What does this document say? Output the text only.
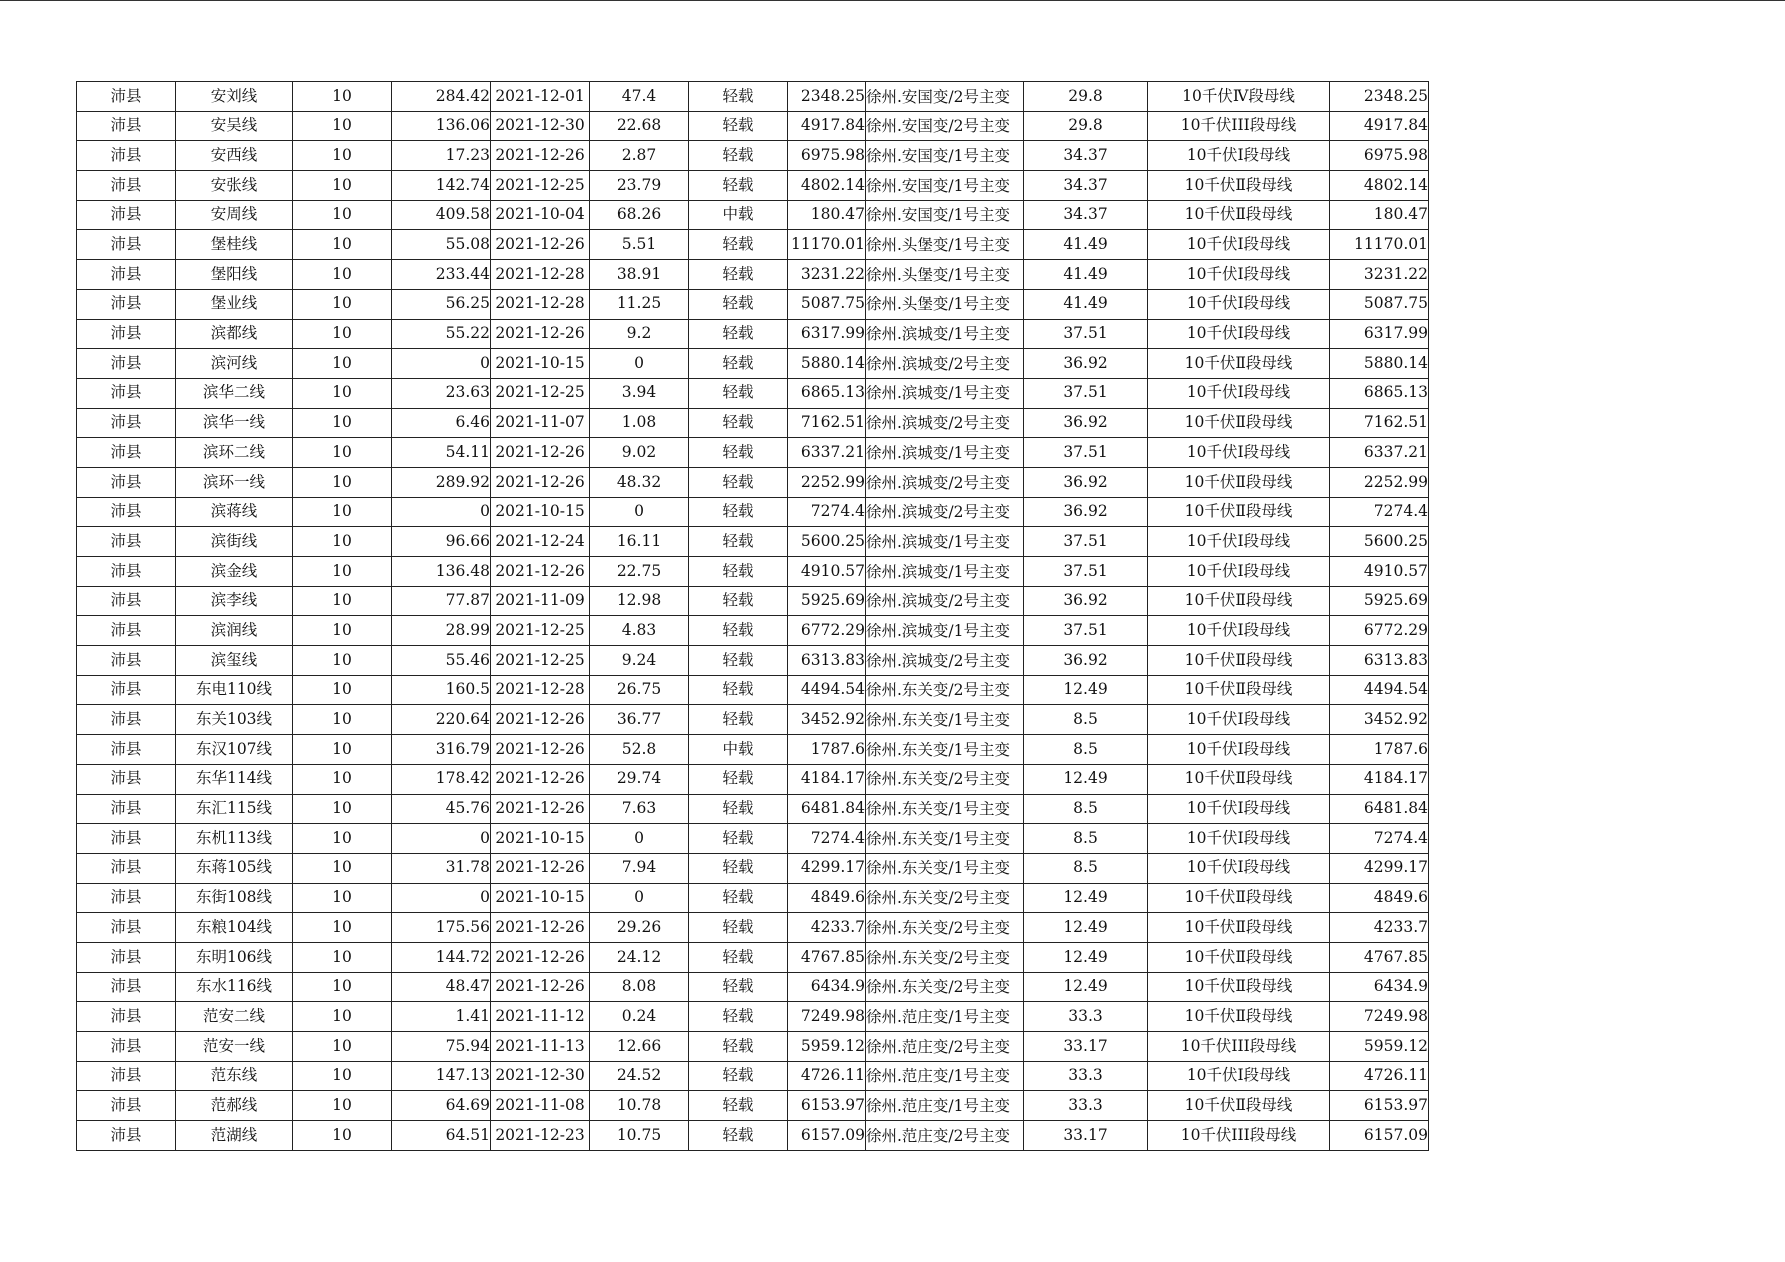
沛县	安刘线	10	284.42	2021-12-01	47.4	轻载	2348.25	徐州.安国变/2号主变	29.8	10千伏Ⅳ段母线	2348.25
沛县	安吴线	10	136.06	2021-12-30	22.68	轻载	4917.84	徐州.安国变/2号主变	29.8	10千伏III段母线	4917.84
沛县	安西线	10	17.23	2021-12-26	2.87	轻载	6975.98	徐州.安国变/1号主变	34.37	10千伏Ⅰ段母线	6975.98
沛县	安张线	10	142.74	2021-12-25	23.79	轻载	4802.14	徐州.安国变/1号主变	34.37	10千伏Ⅱ段母线	4802.14
沛县	安周线	10	409.58	2021-10-04	68.26	中载	180.47	徐州.安国变/1号主变	34.37	10千伏Ⅱ段母线	180.47
沛县	堡桂线	10	55.08	2021-12-26	5.51	轻载	11170.01	徐州.头堡变/1号主变	41.49	10千伏Ⅰ段母线	11170.01
沛县	堡阳线	10	233.44	2021-12-28	38.91	轻载	3231.22	徐州.头堡变/1号主变	41.49	10千伏Ⅰ段母线	3231.22
沛县	堡业线	10	56.25	2021-12-28	11.25	轻载	5087.75	徐州.头堡变/1号主变	41.49	10千伏Ⅰ段母线	5087.75
沛县	滨都线	10	55.22	2021-12-26	9.2	轻载	6317.99	徐州.滨城变/1号主变	37.51	10千伏Ⅰ段母线	6317.99
沛县	滨河线	10	0	2021-10-15	0	轻载	5880.14	徐州.滨城变/2号主变	36.92	10千伏Ⅱ段母线	5880.14
沛县	滨华二线	10	23.63	2021-12-25	3.94	轻载	6865.13	徐州.滨城变/1号主变	37.51	10千伏Ⅰ段母线	6865.13
沛县	滨华一线	10	6.46	2021-11-07	1.08	轻载	7162.51	徐州.滨城变/2号主变	36.92	10千伏Ⅱ段母线	7162.51
沛县	滨环二线	10	54.11	2021-12-26	9.02	轻载	6337.21	徐州.滨城变/1号主变	37.51	10千伏Ⅰ段母线	6337.21
沛县	滨环一线	10	289.92	2021-12-26	48.32	轻载	2252.99	徐州.滨城变/2号主变	36.92	10千伏Ⅱ段母线	2252.99
沛县	滨蒋线	10	0	2021-10-15	0	轻载	7274.4	徐州.滨城变/2号主变	36.92	10千伏Ⅱ段母线	7274.4
沛县	滨街线	10	96.66	2021-12-24	16.11	轻载	5600.25	徐州.滨城变/1号主变	37.51	10千伏Ⅰ段母线	5600.25
沛县	滨金线	10	136.48	2021-12-26	22.75	轻载	4910.57	徐州.滨城变/1号主变	37.51	10千伏Ⅰ段母线	4910.57
沛县	滨李线	10	77.87	2021-11-09	12.98	轻载	5925.69	徐州.滨城变/2号主变	36.92	10千伏Ⅱ段母线	5925.69
沛县	滨润线	10	28.99	2021-12-25	4.83	轻载	6772.29	徐州.滨城变/1号主变	37.51	10千伏Ⅰ段母线	6772.29
沛县	滨玺线	10	55.46	2021-12-25	9.24	轻载	6313.83	徐州.滨城变/2号主变	36.92	10千伏Ⅱ段母线	6313.83
沛县	东电110线	10	160.5	2021-12-28	26.75	轻载	4494.54	徐州.东关变/2号主变	12.49	10千伏Ⅱ段母线	4494.54
沛县	东关103线	10	220.64	2021-12-26	36.77	轻载	3452.92	徐州.东关变/1号主变	8.5	10千伏Ⅰ段母线	3452.92
沛县	东汉107线	10	316.79	2021-12-26	52.8	中载	1787.6	徐州.东关变/1号主变	8.5	10千伏Ⅰ段母线	1787.6
沛县	东华114线	10	178.42	2021-12-26	29.74	轻载	4184.17	徐州.东关变/2号主变	12.49	10千伏Ⅱ段母线	4184.17
沛县	东汇115线	10	45.76	2021-12-26	7.63	轻载	6481.84	徐州.东关变/1号主变	8.5	10千伏Ⅰ段母线	6481.84
沛县	东机113线	10	0	2021-10-15	0	轻载	7274.4	徐州.东关变/1号主变	8.5	10千伏Ⅰ段母线	7274.4
沛县	东蒋105线	10	31.78	2021-12-26	7.94	轻载	4299.17	徐州.东关变/1号主变	8.5	10千伏Ⅰ段母线	4299.17
沛县	东街108线	10	0	2021-10-15	0	轻载	4849.6	徐州.东关变/2号主变	12.49	10千伏Ⅱ段母线	4849.6
沛县	东粮104线	10	175.56	2021-12-26	29.26	轻载	4233.7	徐州.东关变/2号主变	12.49	10千伏Ⅱ段母线	4233.7
沛县	东明106线	10	144.72	2021-12-26	24.12	轻载	4767.85	徐州.东关变/2号主变	12.49	10千伏Ⅱ段母线	4767.85
沛县	东水116线	10	48.47	2021-12-26	8.08	轻载	6434.9	徐州.东关变/2号主变	12.49	10千伏Ⅱ段母线	6434.9
沛县	范安二线	10	1.41	2021-11-12	0.24	轻载	7249.98	徐州.范庄变/1号主变	33.3	10千伏Ⅱ段母线	7249.98
沛县	范安一线	10	75.94	2021-11-13	12.66	轻载	5959.12	徐州.范庄变/2号主变	33.17	10千伏III段母线	5959.12
沛县	范东线	10	147.13	2021-12-30	24.52	轻载	4726.11	徐州.范庄变/1号主变	33.3	10千伏Ⅰ段母线	4726.11
沛县	范郝线	10	64.69	2021-11-08	10.78	轻载	6153.97	徐州.范庄变/1号主变	33.3	10千伏Ⅱ段母线	6153.97
沛县	范湖线	10	64.51	2021-12-23	10.75	轻载	6157.09	徐州.范庄变/2号主变	33.17	10千伏III段母线	6157.09
